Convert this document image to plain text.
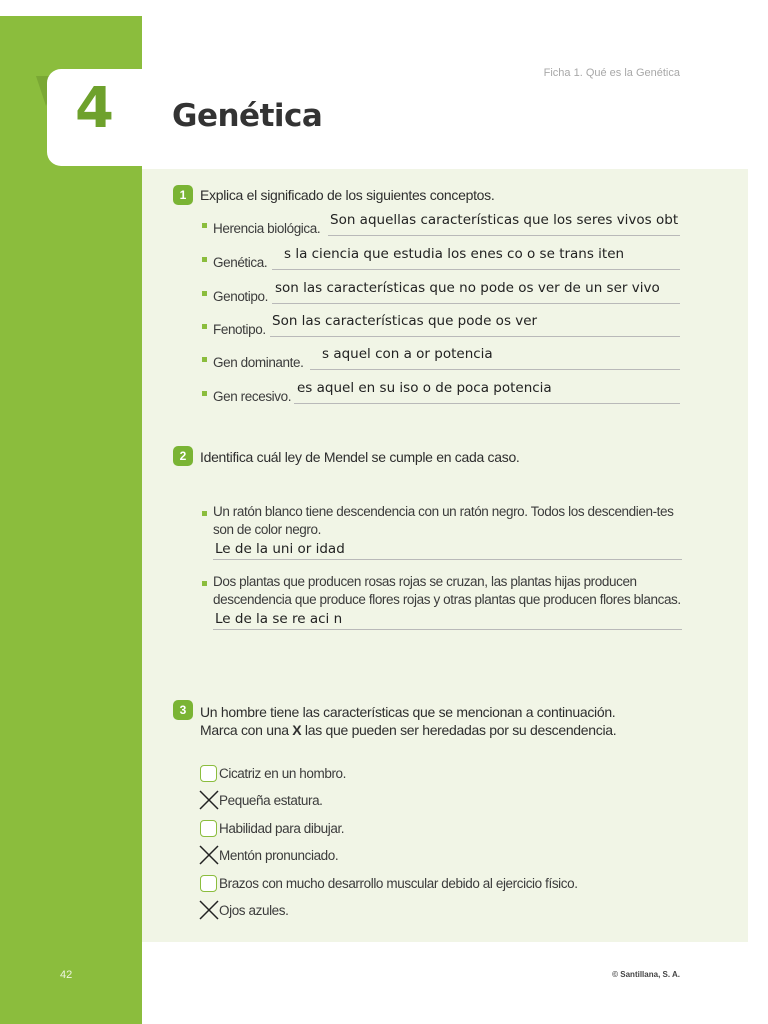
4
Ficha 1. Qué es la Genética
Genética
1 Explica el significado de los siguientes conceptos.
Herencia biológica.
Son aquellas características que los seres vivos obt
Genética.
s la ciencia que estudia los enes co o se trans iten
Genotipo.
son las características que no pode os ver de un ser vivo
Fenotipo.
Son las características que pode os ver
Gen dominante.
s aquel con a or potencia
Gen recesivo.
es aquel en su iso o de poca potencia
2 Identifica cuál ley de Mendel se cumple en cada caso.
Un ratón blanco tiene descendencia con un ratón negro. Todos los descendien-tes son de color negro.
Le de la uni or idad
Dos plantas que producen rosas rojas se cruzan, las plantas hijas producen descendencia que produce flores rojas y otras plantas que producen flores blancas.
Le de la se re aci n
3 Un hombre tiene las características que se mencionan a continuación.
Marca con una X las que pueden ser heredadas por su descendencia.
Cicatriz en un hombro.
Pequeña estatura.
Habilidad para dibujar.
Mentón pronunciado.
Brazos con mucho desarrollo muscular debido al ejercicio físico.
Ojos azules.
42	© Santillana, S. A.
